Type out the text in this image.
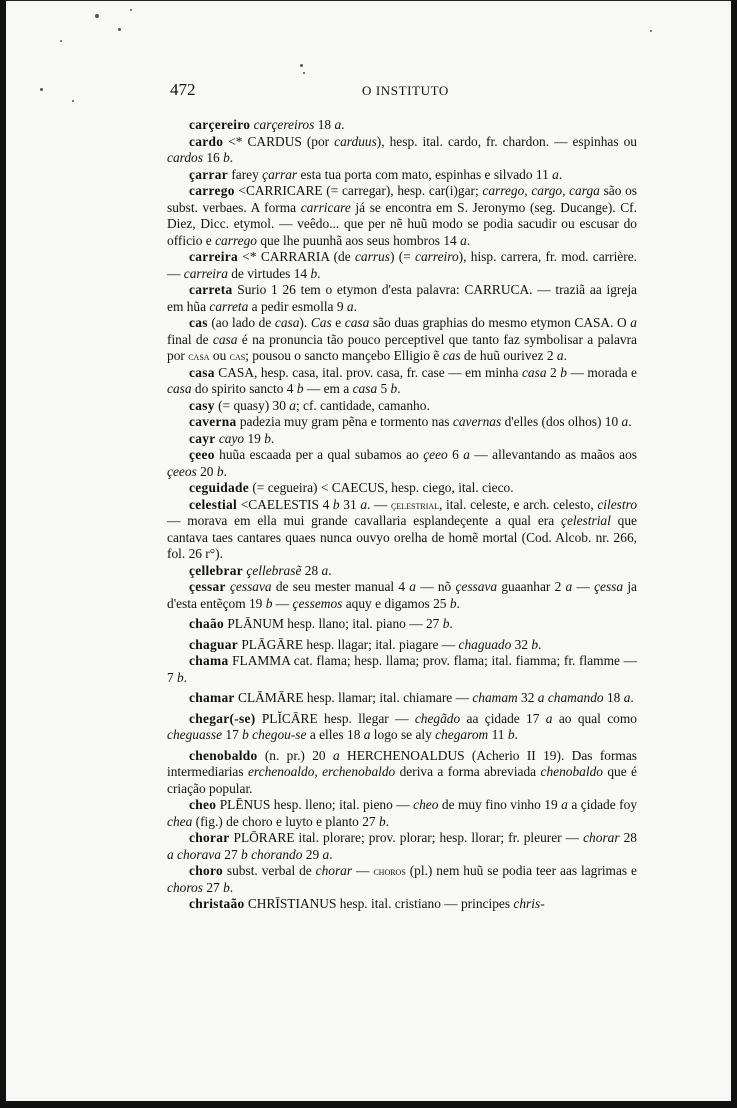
472	O INSTITUTO

carçereiro carçereiros 18 a.

cardo <* CARDUS (por carduus), hesp. ital. cardo, fr. chardon. — espinhas ou cardos 16 b.

çarrar farey çarrar esta tua porta com mato, espinhas e silvado 11 a.

carrego <CARRICARE (= carregar), hesp. car(i)gar; carrego, cargo, carga são os subst. verbaes. A forma carricare já se encontra em S. Jeronymo (seg. Ducange). Cf. Diez, Dicc. etymol. — veêdo... que per nẽ huũ modo se podia sacudir ou escusar do officio e carrego que lhe puunhã aos seus hombros 14 a.

carreira <* CARRARIA (de carrus) (= carreiro), hisp. carrera, fr. mod. carrière. — carreira de virtudes 14 b.

carreta Surio 1 26 tem o etymon d'esta palavra: CARRUCA. — traziã aa igreja em hũa carreta a pedir esmolla 9 a.

cas (ao lado de casa). Cas e casa são duas graphias do mesmo etymon CASA. O a final de casa é na pronuncia tão pouco perceptivel que tanto faz symbolisar a palavra por casa ou cas; pousou o sancto mançebo Elligio ẽ cas de huũ ourivez 2 a.

casa CASA, hesp. casa, ital. prov. casa, fr. case — em minha casa 2 b — morada e casa do spirito sancto 4 b — em a casa 5 b.

casy (= quasy) 30 a; cf. cantidade, camanho.

caverna padezia muy gram pẽna e tormento nas cavernas d'elles (dos olhos) 10 a.

cayr cayo 19 b.

çeeo huũa escaada per a qual subamos ao çeeo 6 a — allevantando as maãos aos çeeos 20 b.

ceguidade (= cegueira) < CAECUS, hesp. ciego, ital. cieco.

celestial <CAELESTIS 4 b 31 a. — çelestrial, ital. celeste, e arch. celesto, cilestro — morava em ella mui grande cavallaria esplandeçente a qual era çelestrial que cantava taes cantares quaes nunca ouvyo orelha de homẽ mortal (Cod. Alcob. nr. 266, fol. 26 r°).

çellebrar çellebrasẽ 28 a.

çessar çessava de seu mester manual 4 a — nõ çessava guaanhar 2 a — çessa ja d'esta entẽçom 19 b — çessemos aquy e digamos 25 b.

chaão PLĀNUM hesp. llano; ital. piano — 27 b.

chaguar PLĀGĀRE hesp. llagar; ital. piagare — chaguado 32 b.

chama FLAMMA cat. flama; hesp. llama; prov. flama; ital. fiamma; fr. flamme — 7 b.

chamar CLĀMĀRE hesp. llamar; ital. chiamare — chamam 32 a chamando 18 a.

chegar(-se) PLĬCĀRE hesp. llegar — chegãdo aa çidade 17 a ao qual como cheguasse 17 b chegou-se a elles 18 a logo se aly chegarom 11 b.

chenobaldo (n. pr.) 20 a HERCHENOALDUS (Acherio II 19). Das formas intermediarias erchenoaldo, erchenobaldo deriva a forma abreviada chenobaldo que é criação popular.

cheo PLĒNUS hesp. lleno; ital. pieno — cheo de muy fino vinho 19 a a çidade foy chea (fig.) de choro e luyto e planto 27 b.

chorar PLŌRARE ital. plorare; prov. plorar; hesp. llorar; fr. pleurer — chorar 28 a chorava 27 b chorando 29 a.

choro subst. verbal de chorar — choros (pl.) nem huũ se podia teer aas lagrimas e choros 27 b.

christaão CHRĪSTIANUS hesp. ital. cristiano — principes chris-
